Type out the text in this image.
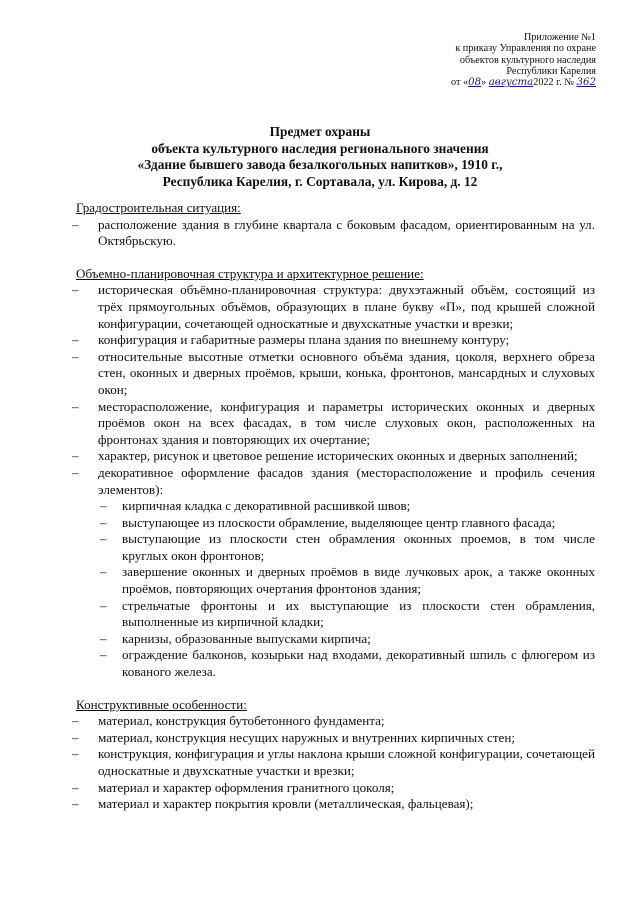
Приложение №1
к приказу Управления по охране
объектов культурного наследия
Республики Карелия
от «08» августа2022 г. № 362
Предмет охраны
объекта культурного наследия регионального значения
«Здание бывшего завода безалкогольных напитков», 1910 г.,
Республика Карелия, г. Сортавала, ул. Кирова, д. 12

Градостроительная ситуация:

– расположение здания в глубине квартала с боковым фасадом, ориентированным на ул. Октябрьскую.

Объемно-планировочная структура и архитектурное решение:

– историческая объёмно-планировочная структура: двухэтажный объём, состоящий из трёх прямоугольных объёмов, образующих в плане букву «П», под крышей сложной конфигурации, сочетающей односкатные и двухскатные участки и врезки;
– конфигурация и габаритные размеры плана здания по внешнему контуру;
– относительные высотные отметки основного объёма здания, цоколя, верхнего обреза стен, оконных и дверных проёмов, крыши, конька, фронтонов, мансардных и слуховых окон;
– месторасположение, конфигурация и параметры исторических оконных и дверных проёмов окон на всех фасадах, в том числе слуховых окон, расположенных на фронтонах здания и повторяющих их очертание;
– характер, рисунок и цветовое решение исторических оконных и дверных заполнений;
– декоративное оформление фасадов здания (месторасположение и профиль сечения элементов):
– кирпичная кладка с декоративной расшивкой швов;
– выступающее из плоскости обрамление, выделяющее центр главного фасада;
– выступающие из плоскости стен обрамления оконных проемов, в том числе круглых окон фронтонов;
– завершение оконных и дверных проёмов в виде лучковых арок, а также оконных проёмов, повторяющих очертания фронтонов здания;
– стрельчатые фронтоны и их выступающие из плоскости стен обрамления, выполненные из кирпичной кладки;
– карнизы, образованные выпусками кирпича;
– ограждение балконов, козырьки над входами, декоративный шпиль с флюгером из кованого железа.

Конструктивные особенности:

– материал, конструкция бутобетонного фундамента;
– материал, конструкция несущих наружных и внутренних кирпичных стен;
– конструкция, конфигурация и углы наклона крыши сложной конфигурации, сочетающей односкатные и двухскатные участки и врезки;
– материал и характер оформления гранитного цоколя;
– материал и характер покрытия кровли (металлическая, фальцевая);
